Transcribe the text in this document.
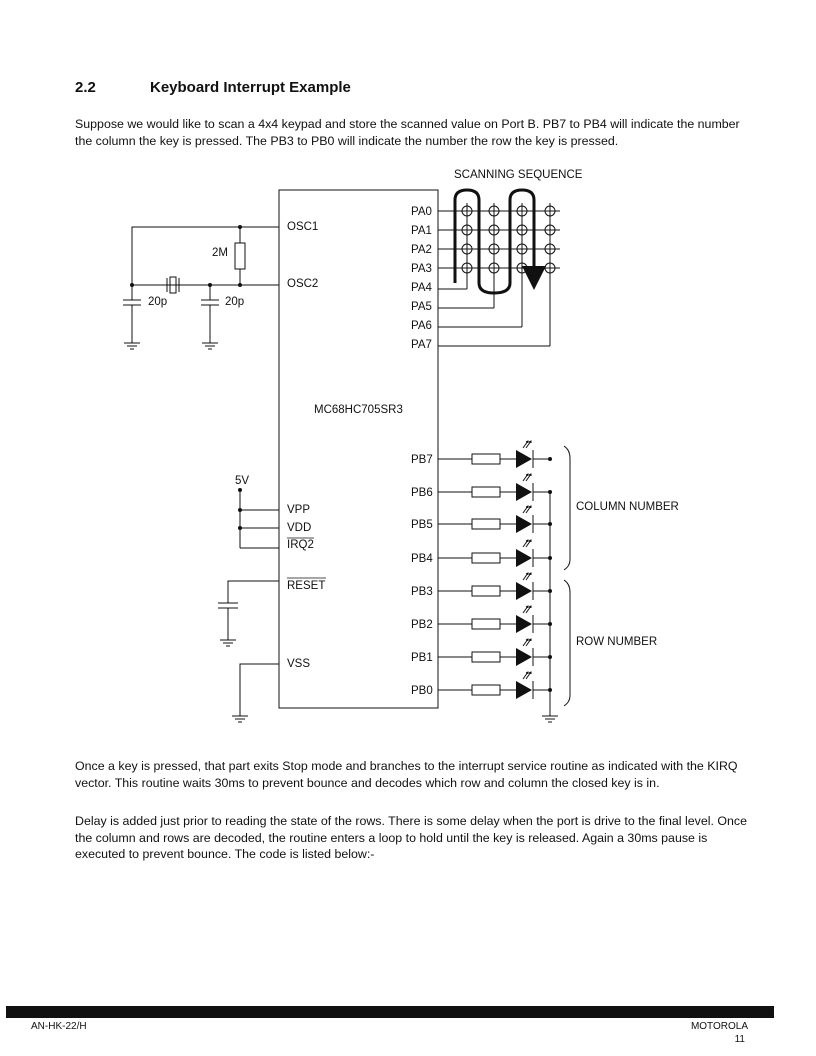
2.2	Keyboard Interrupt Example

Suppose we would like to scan a 4x4 keypad and store the scanned value on Port B. PB7 to PB4 will indicate the number the column the key is pressed. The PB3 to PB0 will indicate the number the row the key is pressed.

MC68HC705SR3
SCANNING SEQUENCE
PA0
PA1
PA2
PA3
PA4
PA5
PA6
PA7
OSC1
OSC2
VPP
VDD
IRQ2
RESET
VSS
2M
20p	20p
5V
PB7
PB6
PB5
PB4
PB3
PB2
PB1
PB0
COLUMN NUMBER
ROW NUMBER

Once a key is pressed, that part exits Stop mode and branches to the interrupt service routine as indicated with the KIRQ vector. This routine waits 30ms to prevent bounce and decodes which row and column the closed key is in.

Delay is added just prior to reading the state of the rows. There is some delay when the port is drive to the final level. Once the column and rows are decoded, the routine enters a loop to hold until the key is released. Again a 30ms pause is executed to prevent bounce. The code is listed below:-

AN-HK-22/H	MOTOROLA
11
